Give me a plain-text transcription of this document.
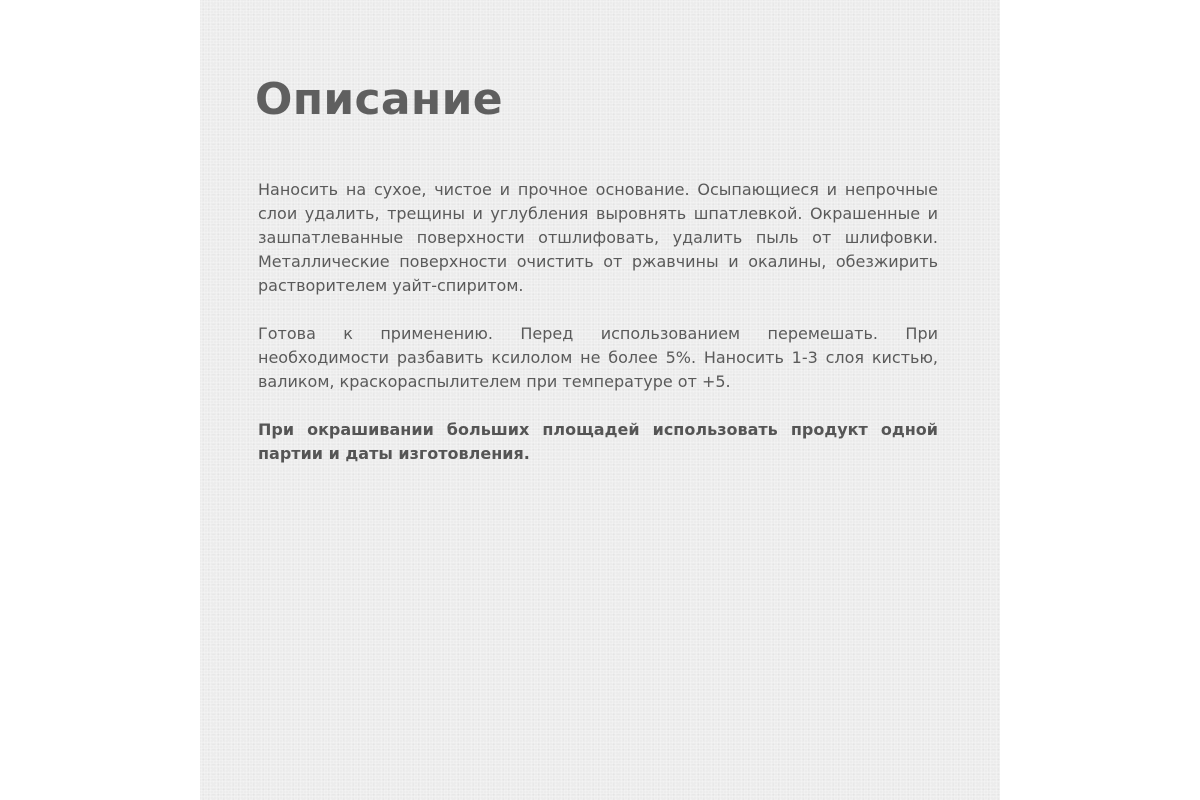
Описание

Наносить на сухое, чистое и прочное основание. Осыпающиеся и непрочные слои удалить, трещины и углубления выровнять шпатлевкой. Окрашенные и зашпатлеванные поверхности отшлифовать, удалить пыль от шлифовки. Металлические поверхности очистить от ржавчины и окалины, обезжирить растворителем уайт-спиритом.

Готова к применению. Перед использованием перемешать. При необходимости разбавить ксилолом не более 5%. Наносить 1-3 слоя кистью, валиком, краскораспылителем при температуре от +5.

При окрашивании больших площадей использовать продукт одной партии и даты изготовления.
